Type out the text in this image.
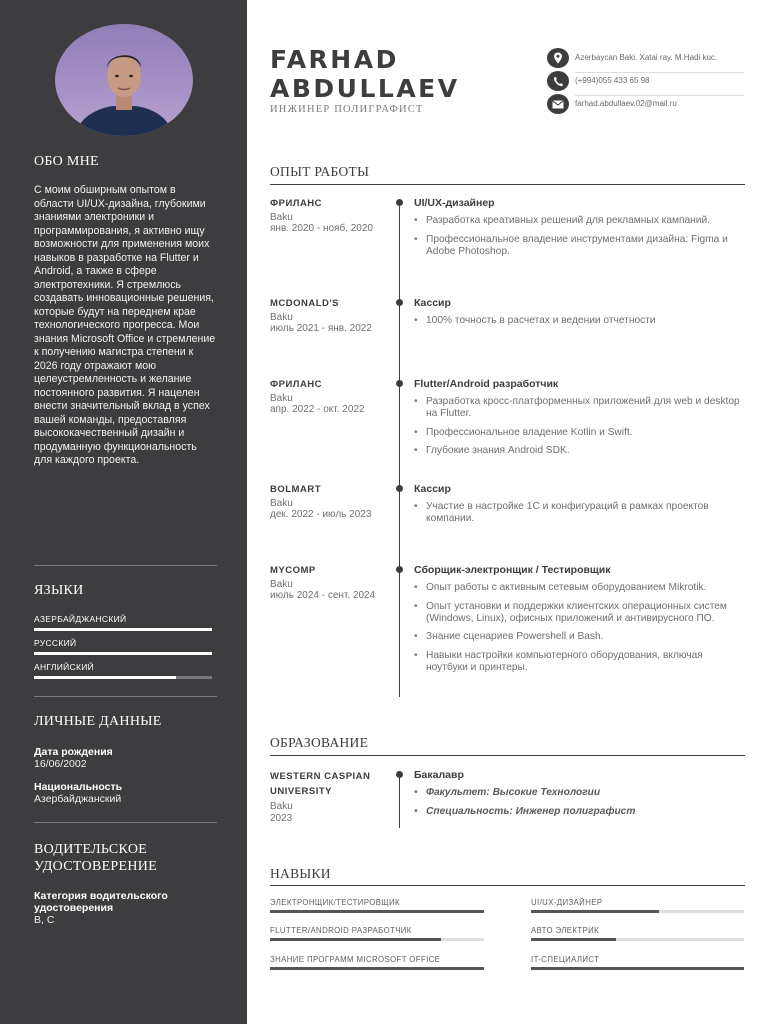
ОБО МНЕ
С моим обширным опытом в области UI/UX-дизайна, глубокими знаниями электроники и программирования, я активно ищу возможности для применения моих навыков в разработке на Flutter и Android, а также в сфере электротехники. Я стремлюсь создавать инновационные решения, которые будут на переднем крае технологического прогресса. Мои знания Microsoft Office и стремление к получению магистра степени к 2026 году отражают мою целеустремленность и желание постоянного развития. Я нацелен внести значительный вклад в успех вашей команды, предоставляя высококачественный дизайн и продуманную функциональность для каждого проекта.
ЯЗЫКИ
АЗЕРБАЙДЖАНСКИЙ
РУССКИЙ
АНГЛИЙСКИЙ
ЛИЧНЫЕ ДАННЫЕ
Дата рождения
16/06/2002
Национальность
Азербайджанский
ВОДИТЕЛЬСКОЕ
УДОСТОВЕРЕНИЕ
Категория водительского удостоверения
B, C
FARHAD
ABDULLAEV
ИНЖИНЕР ПОЛИГРАФИСТ
Azerbaycan Baki. Xatai ray. M.Hadi kuc.
(+994)055 433 65 98
farhad.abdullaev.02@mail.ru
ОПЫТ РАБОТЫ
ФРИЛАНС
Baku
янв. 2020 - нояб. 2020
UI/UX-дизайнер
• Разработка креативных решений для рекламных кампаний.
• Профессиональное владение инструментами дизайна: Figma и Adobe Photoshop.
MCDONALD'S
Baku
июль 2021 - янв. 2022
Кассир
• 100% точность в расчетах и ведении отчетности
ФРИЛАНС
Baku
апр. 2022 - окт. 2022
Flutter/Android разработчик
• Разработка кросс-платформенных приложений для web и desktop на Flutter.
• Профессиональное владение Kotlin и Swift.
• Глубокие знания Android SDK.
BOLMART
Baku
дек. 2022 - июль 2023
Кассир
• Участие в настройке 1С и конфигураций в рамках проектов компании.
MYCOMP
Baku
июль 2024 - сент. 2024
Сборщик-электронщик / Тестировщик
• Опыт работы с активным сетевым оборудованием Mikrotik.
• Опыт установки и поддержки клиентских операционных систем (Windows, Linux), офисных приложений и антивирусного ПО.
• Знание сценариев Powershell и Bash.
• Навыки настройки компьютерного оборудования, включая ноутбуки и принтеры.
ОБРАЗОВАНИЕ
WESTERN CASPIAN UNIVERSITY
Baku
2023
Бакалавр
• Факультет: Высокие Технологии
• Специальность: Инженер полиграфист
НАВЫКИ
ЭЛЕКТРОНЩИК/ТЕСТИРОВЩИК	UI/UX-ДИЗАЙНЕР
FLUTTER/ANDROID РАЗРАБОТЧИК	АВТО ЭЛЕКТРИК
ЗНАНИЕ ПРОГРАММ MICROSOFT OFFICE	IT-СПЕЦИАЛИСТ
